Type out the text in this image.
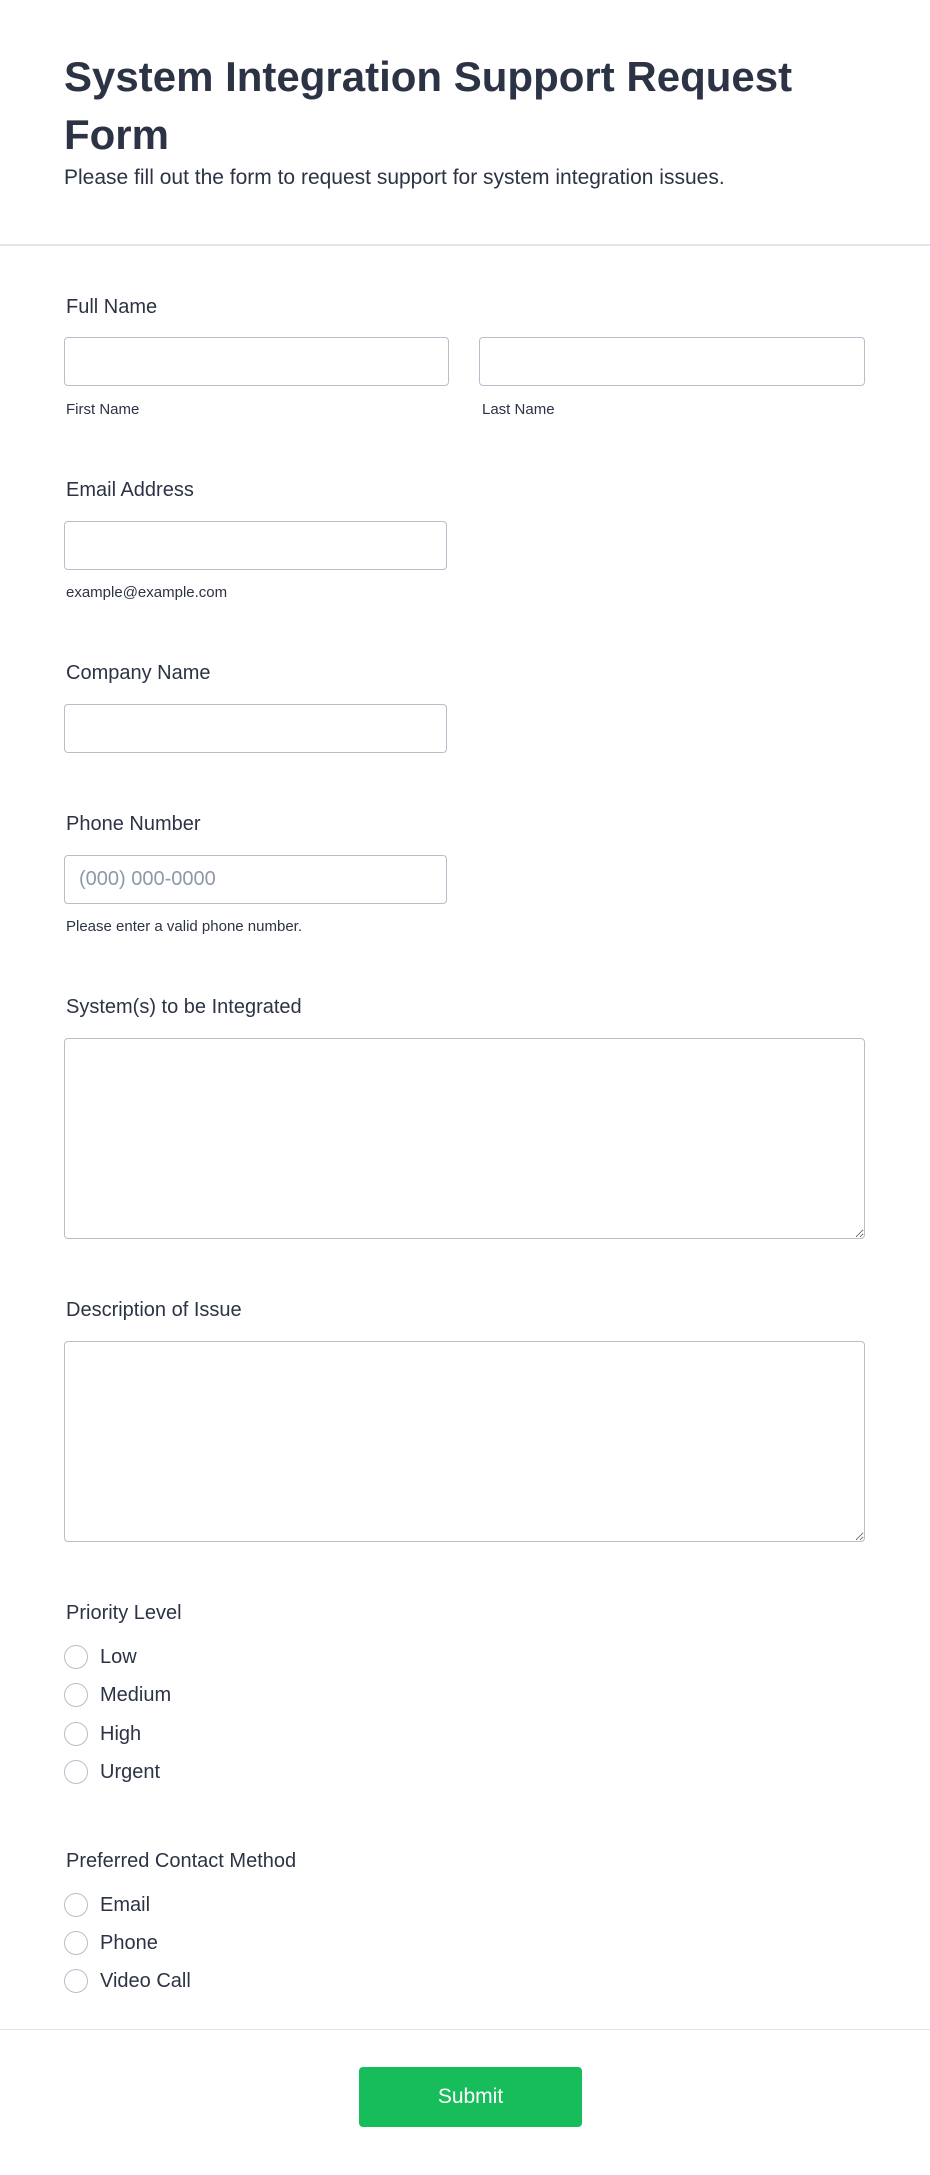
System Integration Support Request Form

Please fill out the form to request support for system integration issues.

Full Name
First Name	Last Name
Email Address
example@example.com
Company Name
Phone Number
(000) 000-0000
Please enter a valid phone number.
System(s) to be Integrated
Description of Issue
Priority Level
Low
Medium
High
Urgent
Preferred Contact Method
Email
Phone
Video Call
Submit
